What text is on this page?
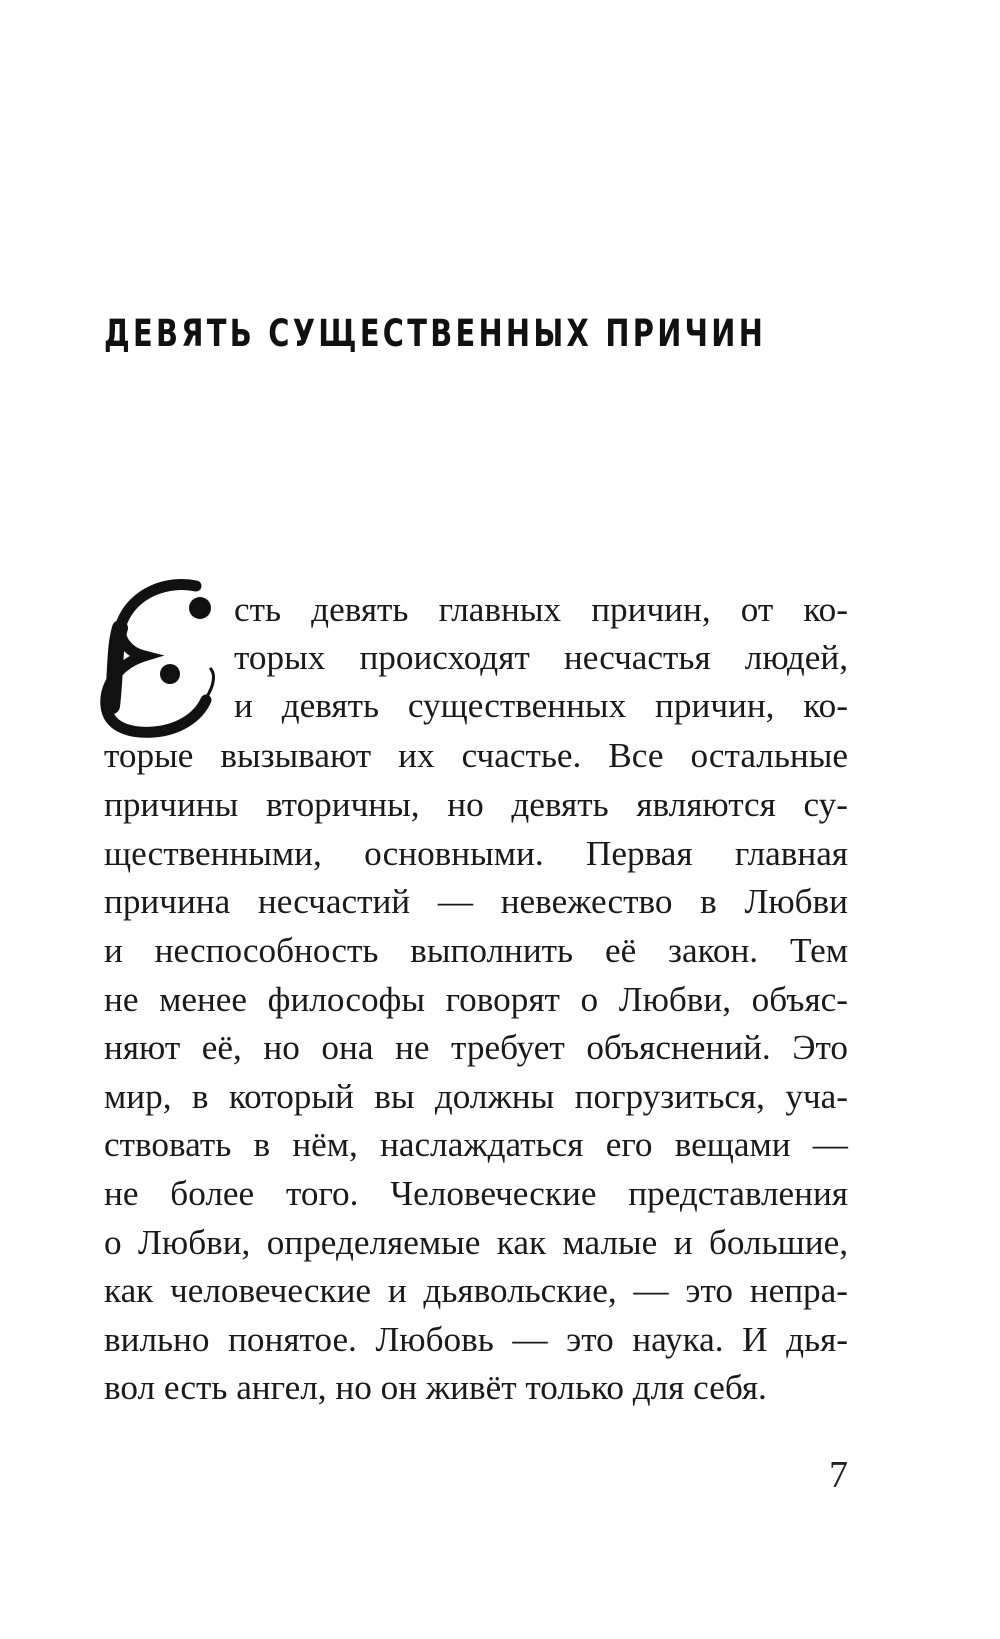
ДЕВЯТЬ СУЩЕСТВЕННЫХ ПРИЧИН

сть девять главных причин, от ко-

торых происходят несчастья людей,

и девять существенных причин, ко-

торые вызывают их счастье. Все остальные

причины вторичны, но девять являются су-

щественными, основными. Первая главная

причина несчастий — невежество в Любви

и неспособность выполнить её закон. Тем

не менее философы говорят о Любви, объяс-

няют её, но она не требует объяснений. Это

мир, в который вы должны погрузиться, уча-

ствовать в нём, наслаждаться его вещами —

не более того. Человеческие представления

о Любви, определяемые как малые и большие,

как человеческие и дьявольские, — это непра-

вильно понятое. Любовь — это наука. И дья-

вол есть ангел, но он живёт только для себя.

7
